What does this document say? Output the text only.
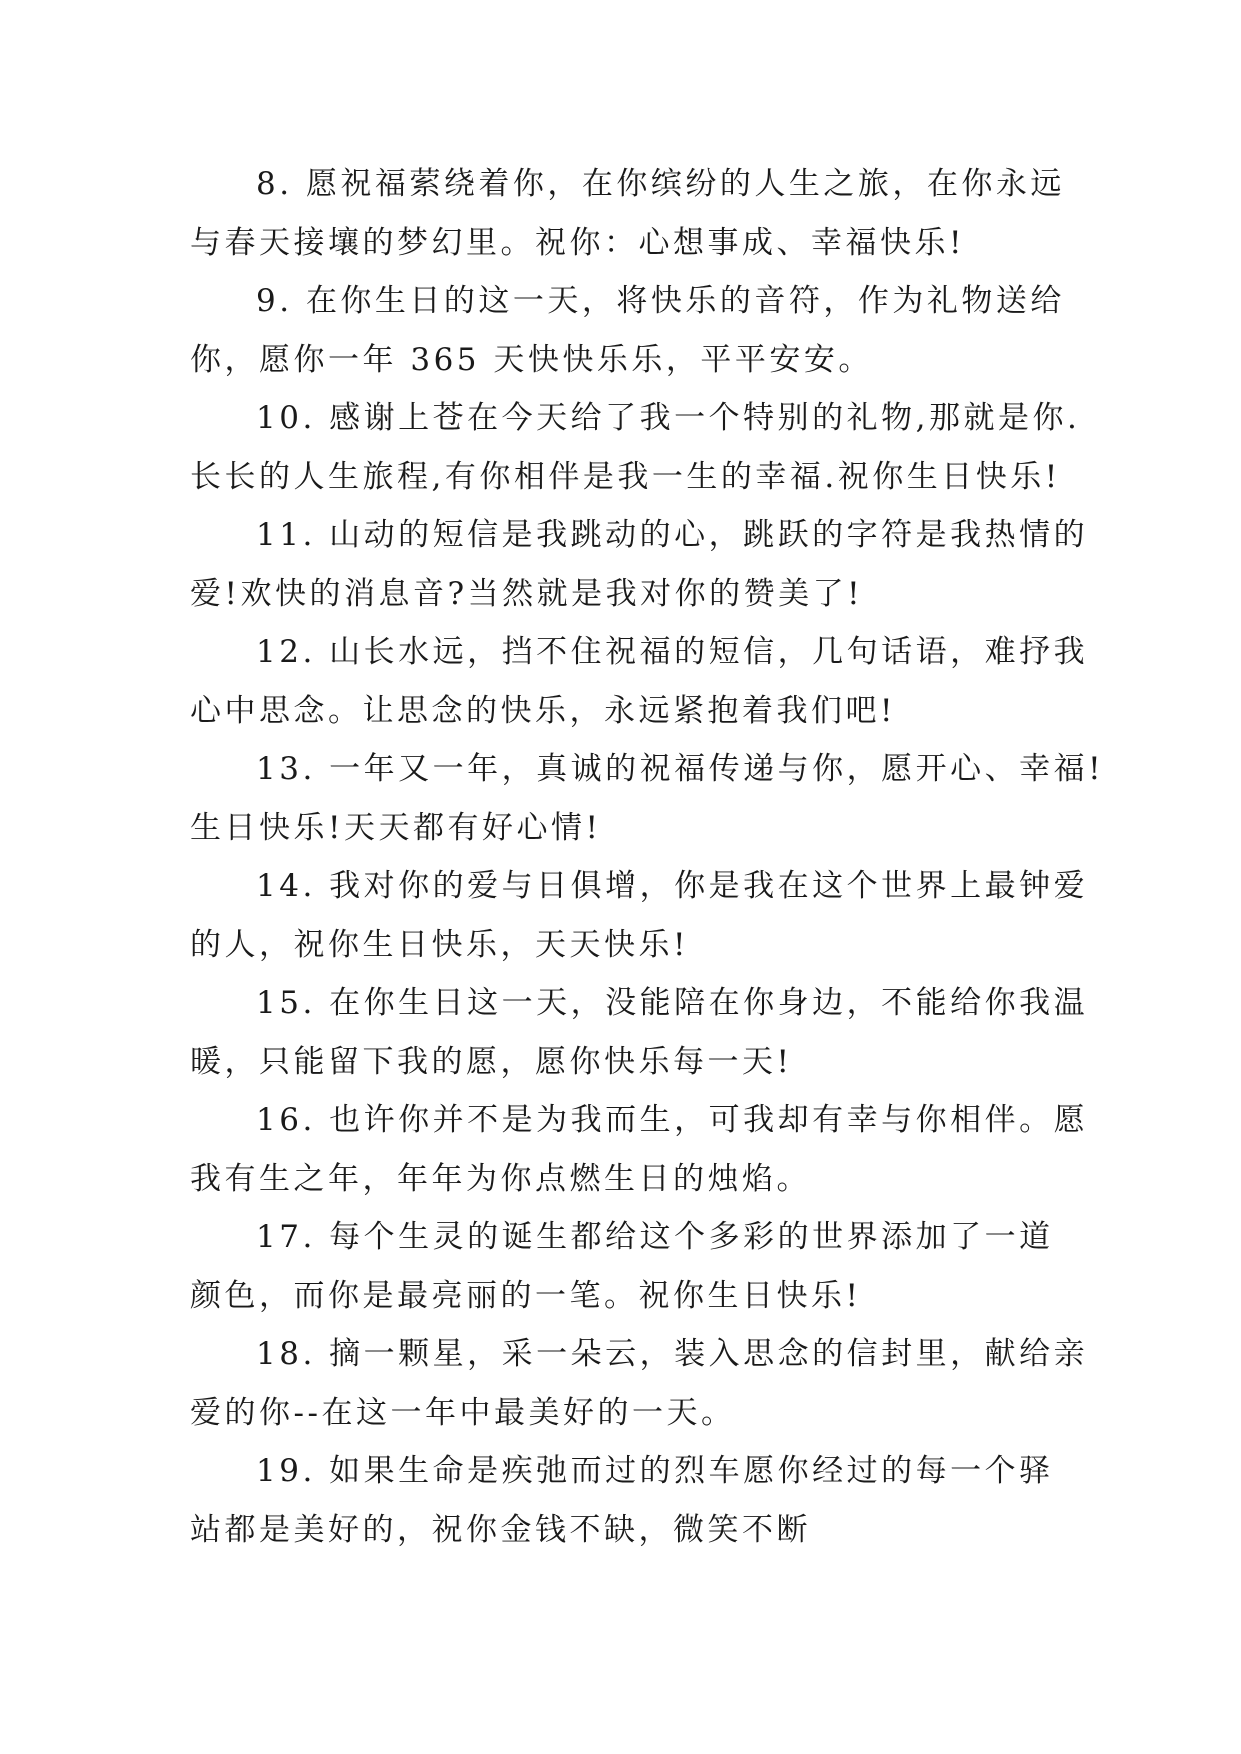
8. 愿祝福萦绕着你，在你缤纷的人生之旅，在你永远
与春天接壤的梦幻里。祝你：心想事成、幸福快乐!

9. 在你生日的这一天，将快乐的音符，作为礼物送给
你，愿你一年 365 天快快乐乐，平平安安。

10. 感谢上苍在今天给了我一个特别的礼物,那就是你.
长长的人生旅程,有你相伴是我一生的幸福.祝你生日快乐!

11. 山动的短信是我跳动的心，跳跃的字符是我热情的
爱!欢快的消息音?当然就是我对你的赞美了!

12. 山长水远，挡不住祝福的短信，几句话语，难抒我
心中思念。让思念的快乐，永远紧抱着我们吧!

13. 一年又一年，真诚的祝福传递与你，愿开心、幸福!
生日快乐!天天都有好心情!

14. 我对你的爱与日俱增，你是我在这个世界上最钟爱
的人，祝你生日快乐，天天快乐!

15. 在你生日这一天，没能陪在你身边，不能给你我温
暖，只能留下我的愿，愿你快乐每一天!

16. 也许你并不是为我而生，可我却有幸与你相伴。愿
我有生之年，年年为你点燃生日的烛焰。

17. 每个生灵的诞生都给这个多彩的世界添加了一道
颜色，而你是最亮丽的一笔。祝你生日快乐!

18. 摘一颗星，采一朵云，装入思念的信封里，献给亲
爱的你--在这一年中最美好的一天。

19. 如果生命是疾弛而过的烈车愿你经过的每一个驿
站都是美好的，祝你金钱不缺，微笑不断
